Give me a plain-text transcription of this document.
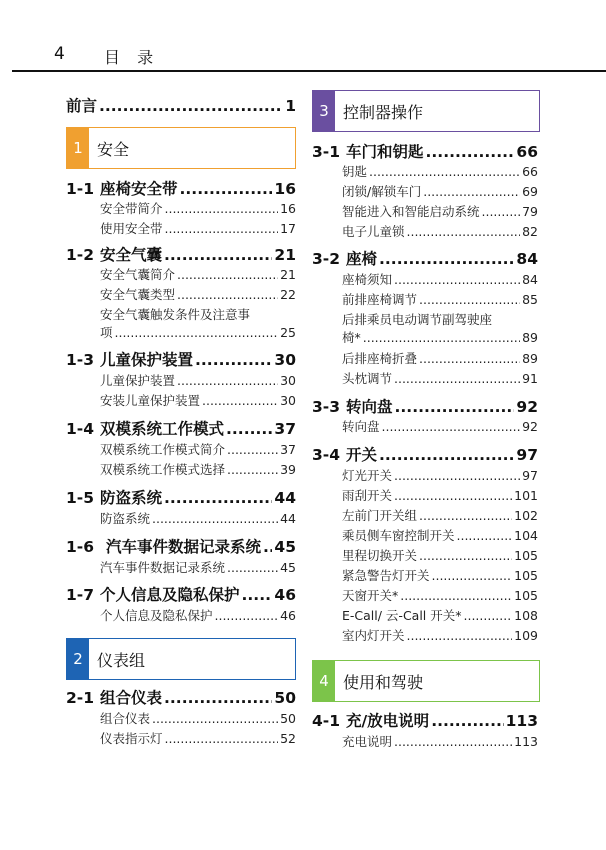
4 目 录
前言 .....	1
1 安全
1-1 座椅安全带 .....	16
安全带简介 .....	16
使用安全带 .....	17
1-2 安全气囊 .....	21
安全气囊简介 .....	21
安全气囊类型 .....	22
安全气囊触发条件及注意事
项 .....	25
1-3 儿童保护装置 .....	30
儿童保护装置 .....	30
安装儿童保护装置 .....	30
1-4 双模系统工作模式 .....	37
双模系统工作模式简介 .....	37
双模系统工作模式选择 .....	39
1-5 防盗系统 .....	44
防盗系统 .....	44
1-6 汽车事件数据记录系统 ..... 45
汽车事件数据记录系统 .....	45
1-7 个人信息及隐私保护 ..... 46
个人信息及隐私保护 .....	46
2 仪表组
2-1 组合仪表 .....	50
组合仪表 .....	50
仪表指示灯 .....	52
3 控制器操作
3-1 车门和钥匙 .....	66
钥匙 .....	66
闭锁/解锁车门 .....	69
智能进入和智能启动系统 .....	79
电子儿童锁 .....	82
3-2 座椅 .....	84
座椅须知 .....	84
前排座椅调节 .....	85
后排乘员电动调节副驾驶座
椅* .....	89
后排座椅折叠 .....	89
头枕调节 .....	91
3-3 转向盘 .....	92
转向盘 .....	92
3-4 开关 .....	97
灯光开关 .....	97
雨刮开关 .....	101
左前门开关组 .....	102
乘员侧车窗控制开关 .....	104
里程切换开关 .....	105
紧急警告灯开关 .....	105
天窗开关* .....	105
E-Call/ 云-Call 开关* .....	108
室内灯开关 .....	109
4 使用和驾驶
4-1 充/放电说明 .....	113
充电说明 .....	113
